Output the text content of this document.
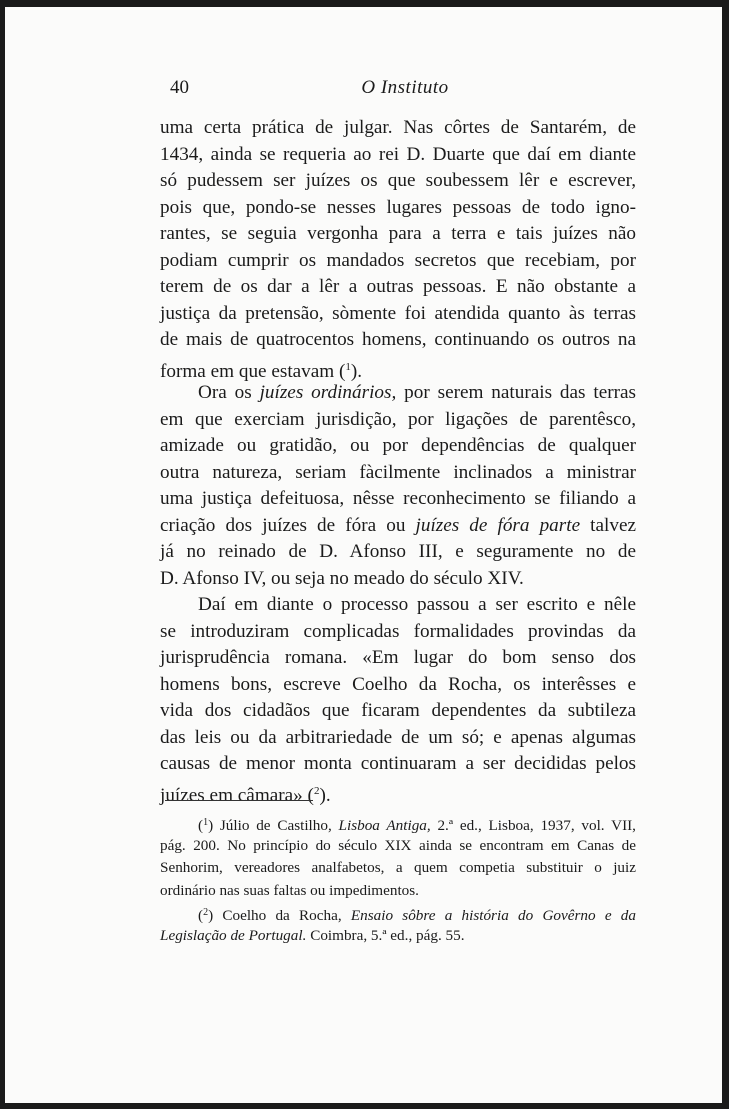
40	O Instituto
uma certa prática de julgar. Nas côrtes de Santarém, de
1434, ainda se requeria ao rei D. Duarte que daí em diante
só pudessem ser juízes os que soubessem lêr e escrever,
pois que, pondo-se nesses lugares pessoas de todo igno-
rantes, se seguia vergonha para a terra e tais juízes não
podiam cumprir os mandados secretos que recebiam, por
terem de os dar a lêr a outras pessoas. E não obstante a
justiça da pretensão, sòmente foi atendida quanto às terras
de mais de quatrocentos homens, continuando os outros na
forma em que estavam ($^1$).
Ora os juízes ordinários, por serem naturais das terras
em que exerciam jurisdição, por ligações de parentêsco,
amizade ou gratidão, ou por dependências de qualquer
outra natureza, seriam fàcilmente inclinados a ministrar
uma justiça defeituosa, nêsse reconhecimento se filiando a
criação dos juízes de fóra ou juízes de fóra parte talvez
já no reinado de D. Afonso III, e seguramente no de
D. Afonso IV, ou seja no meado do século XIV.
Daí em diante o processo passou a ser escrito e nêle
se introduziram complicadas formalidades provindas da
jurisprudência romana. «Em lugar do bom senso dos
homens bons, escreve Coelho da Rocha, os interêsses e
vida dos cidadãos que ficaram dependentes da subtileza
das leis ou da arbitrariedade de um só; e apenas algumas
causas de menor monta continuaram a ser decididas pelos
juízes em câmara» ($^2$).
($^1$) Júlio de Castilho, Lisboa Antiga, 2.ª ed., Lisboa, 1937, vol. VII,
pág. 200. No princípio do século XIX ainda se encontram em Canas de
Senhorim, vereadores analfabetos, a quem competia substituir o juiz
ordinário nas suas faltas ou impedimentos.
($^2$) Coelho da Rocha, Ensaio sôbre a história do Govêrno e da
Legislação de Portugal. Coimbra, 5.ª ed., pág. 55.
